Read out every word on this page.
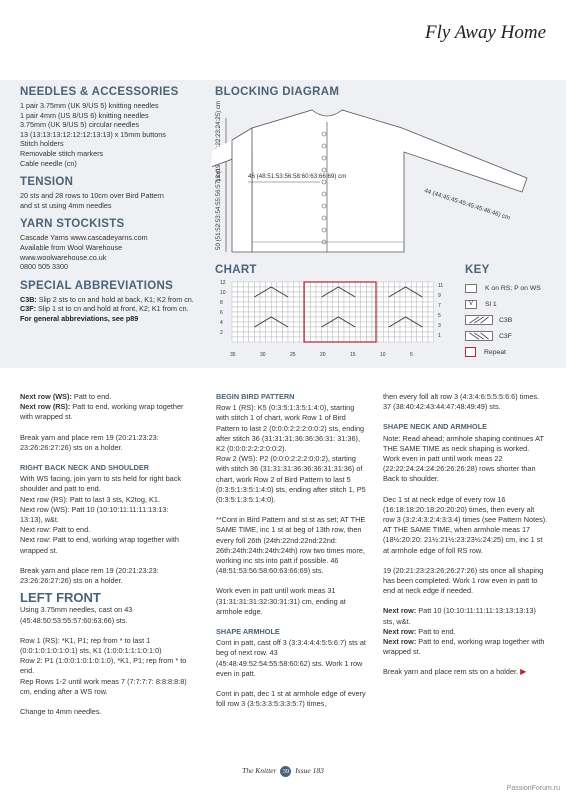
Fly Away Home
NEEDLES & ACCESSORIES
1 pair 3.75mm (UK 9/US 5) knitting needles
1 pair 4mm (US 8/US 6) knitting needles
3.75mm (UK 9/US 5) circular needles
13 (13:13:13:12:12:12:13:13) x 15mm buttons
Stitch holders
Removable stitch markers
Cable needle (cn)
TENSION
20 sts and 28 rows to 10cm over Bird Pattern
and st st using 4mm needles
YARN STOCKISTS
Cascade Yarns www.cascadeyarns.com
Available from Wool Warehouse
www.woolwarehouse.co.uk
0800 505 3300
SPECIAL ABBREVIATIONS
C3B: Slip 2 sts to cn and hold at back, K1; K2 from cn.
C3F: Slip 1 st to cn and hold at front, K2; K1 from cn.
For general abbreviations, see p89
BLOCKING DIAGRAM
50 (51:52:53:54:55:56:57) cm
18 (19:20:21:22:23:24:25) cm	46 (48:51:53:56:58:60:63:66:69) cm
44 (44:45:45:45:45:45:46:46) cm
CHART
11
9
7
5
3
1
12
10
8
6
4
2
35	30	25	20	15	10	5
KEY
K on RS; P on WS
V	Sl 1
C3B
C3F
Repeat

Next row (WS): Patt to end.
Next row (RS): Patt to end, working wrap together with wrapped st.

Break yarn and place rem 19 (20:21:23:23: 23:26:26:27:26) sts on a holder.

RIGHT BACK NECK AND SHOULDER

With WS facing, join yarn to sts held for right back shoulder and patt to end.
Next row (RS): Patt to last 3 sts, K2tog, K1.
Next row (WS): Patt 10 (10:10:11:11:11:13:13: 13:13), w&t.
Next row: Patt to end.
Next row: Patt to end, working wrap together with wrapped st.

Break yarn and place rem 19 (20:21:23:23: 23:26:26:27:26) sts on a holder.

LEFT FRONT

Using 3.75mm needles, cast on 43 (45:48:50:53:55:57:60:63:66) sts.

Row 1 (RS): *K1, P1; rep from * to last 1 (0:0:1:0:1:0:1:0:1) sts, K1 (1:0:0:1:1:1:0:1:0)
Row 2: P1 (1:0:0:1:0:1:0:1:0), *K1, P1; rep from * to end.
Rep Rows 1-2 until work meas 7 (7:7:7:7: 8:8:8:8:8) cm, ending after a WS row.

Change to 4mm needles.

BEGIN BIRD PATTERN

Row 1 (RS): K5 (0:3:5:1:3:5:1:4:0), starting with stitch 1 of chart, work Row 1 of Bird Pattern to last 2 (0:0:0:2:2:2:0:0:2) sts, ending after stitch 36 (31:31:31:36:36:36:31: 31:36), K2 (0:0:0:2:2:2:0:0:2).
Row 2 (WS): P2 (0:0:0:2:2:2:0:0:2), starting with stitch 36 (31:31:31:36:36:36:31:31:36) of chart, work Row 2 of Bird Pattern to last 5 (0:3:5:1:3:5:1:4:0) sts, ending after stitch 1, P5 (0:3:5:1:3:5:1:4:0).

**Cont in Bird Pattern and st st as set; AT THE SAME TIME, inc 1 st at beg of 13th row, then every foll 26th (24th:22nd:22nd:22nd: 26th:24th:24th:24th:24th) row two times more, working inc sts into patt if possible. 46 (48:51:53:56:58:60:63:66:69) sts.

Work even in patt until work meas 31 (31:31:31:31:32:30:31:31) cm, ending at armhole edge.

SHAPE ARMHOLE

Cont in patt, cast off 3 (3:3:4:4:4:5:5:6:7) sts at beg of next row. 43 (45:48:49:52:54:55:58:60:62) sts. Work 1 row even in patt.

Cont in patt, dec 1 st at armhole edge of every foll row 3 (3:5:3:3:5:3:3:5:7) times,

then every foll alt row 3 (4:3:4:6:5:5:5:6:6) times. 37 (38:40:42:43:44:47:48:49:49) sts.

SHAPE NECK AND ARMHOLE

Note: Read ahead; armhole shaping continues AT THE SAME TIME as neck shaping is worked.
Work even in patt until work meas 22 (22:22:24:24:24:26:26:26:28) rows shorter than Back to shoulder.

Dec 1 st at neck edge of every row 16 (16:18:18:20:18:20:20:20) times, then every alt row 3 (3:2:4:3:2:4:3:3:4) times (see Pattern Notes). AT THE SAME TIME, when armhole meas 17 (18½:20:20: 21½:21½:23:23½:24:25) cm, inc 1 st at armhole edge of foll RS row.

19 (20:21:23:23:26:26:27:26) sts once all shaping has been completed. Work 1 row even in patt to end at neck edge if needed.

Next row: Patt 10 (10:10:11:11:11:13:13:13:13) sts, w&t.
Next row: Patt to end.
Next row: Patt to end, working wrap together with wrapped st.

Break yarn and place rem sts on a holder. ▶

The Knitter 39 Issue 183
PassionForum.ru
